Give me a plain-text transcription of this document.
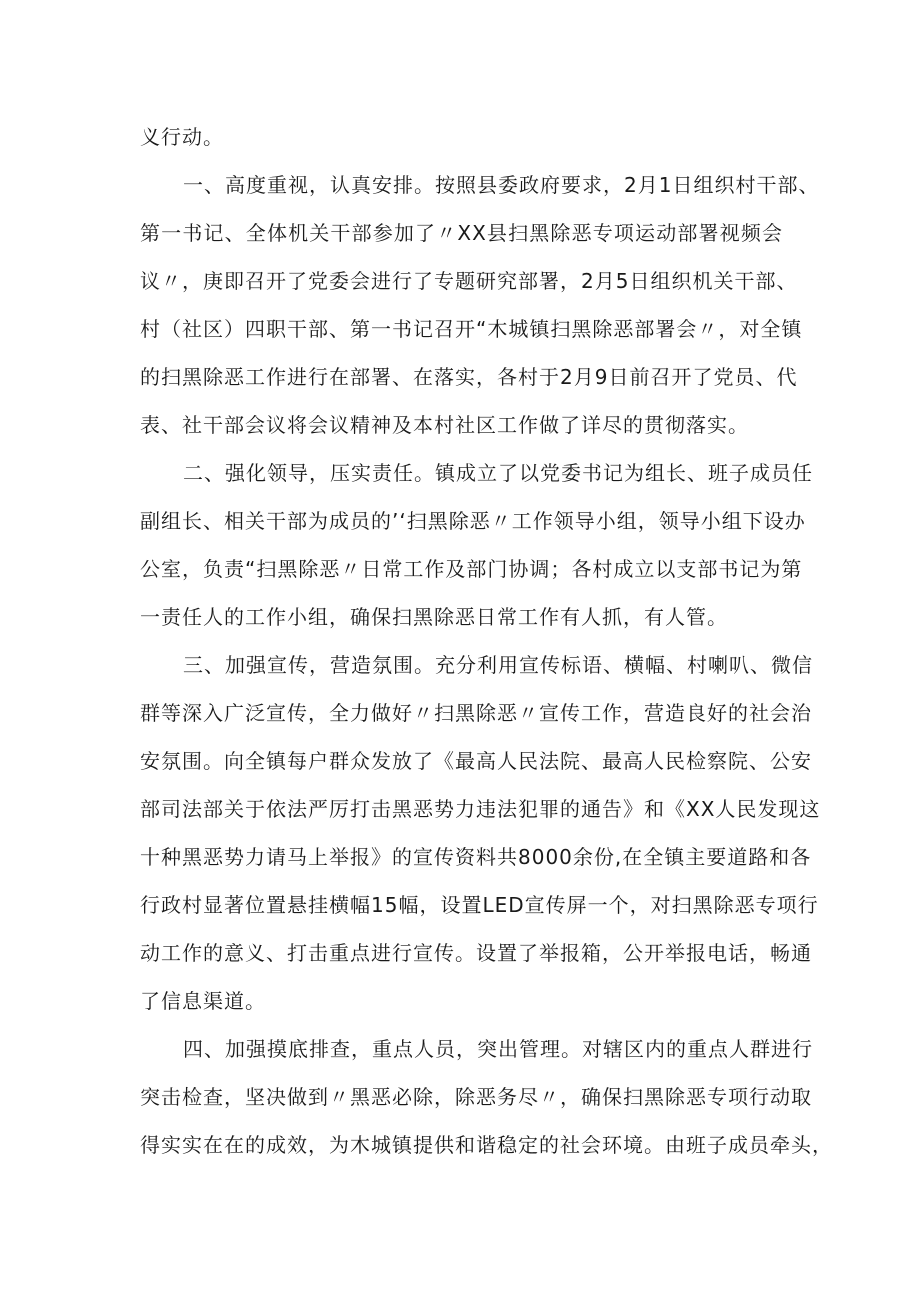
义行动。
一、高度重视，认真安排。按照县委政府要求，2月1日组织村干部、
第一书记、全体机关干部参加了〃XX县扫黑除恶专项运动部署视频会
议〃，庚即召开了党委会进行了专题研究部署，2月5日组织机关干部、
村（社区）四职干部、第一书记召开“木城镇扫黑除恶部署会〃，对全镇
的扫黑除恶工作进行在部署、在落实，各村于2月9日前召开了党员、代
表、社干部会议将会议精神及本村社区工作做了详尽的贯彻落实。
二、强化领导，压实责任。镇成立了以党委书记为组长、班子成员任
副组长、相关干部为成员的’‘扫黑除恶〃工作领导小组，领导小组下设办
公室，负责“扫黑除恶〃日常工作及部门协调；各村成立以支部书记为第
一责任人的工作小组，确保扫黑除恶日常工作有人抓，有人管。
三、加强宣传，营造氛围。充分利用宣传标语、横幅、村喇叭、微信
群等深入广泛宣传，全力做好〃扫黑除恶〃宣传工作，营造良好的社会治
安氛围。向全镇每户群众发放了《最高人民法院、最高人民检察院、公安
部司法部关于依法严厉打击黑恶势力违法犯罪的通告》和《XX人民发现这
十种黑恶势力请马上举报》的宣传资料共8000余份,在全镇主要道路和各
行政村显著位置悬挂横幅15幅，设置LED宣传屏一个，对扫黑除恶专项行
动工作的意义、打击重点进行宣传。设置了举报箱，公开举报电话，畅通
了信息渠道。
四、加强摸底排查，重点人员，突出管理。对辖区内的重点人群进行
突击检查，坚决做到〃黑恶必除，除恶务尽〃，确保扫黑除恶专项行动取
得实实在在的成效，为木城镇提供和谐稳定的社会环境。由班子成员牵头，
